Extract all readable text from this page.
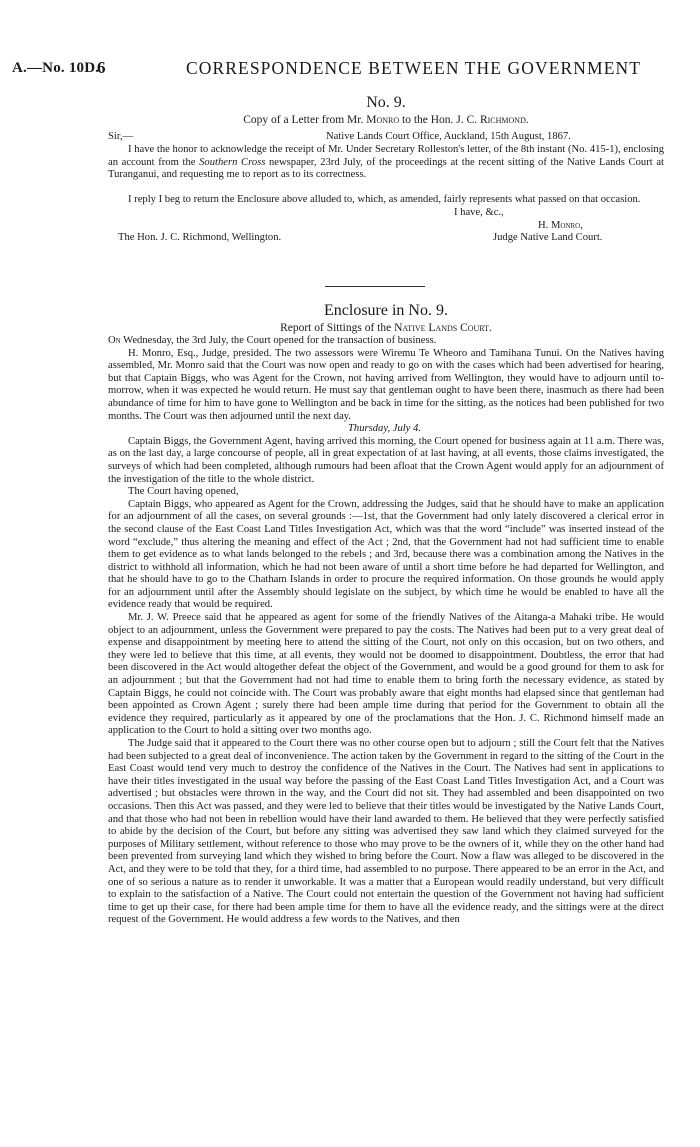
A.—No. 10D.
6	CORRESPONDENCE BETWEEN THE GOVERNMENT
No. 9.
Copy of a Letter from Mr. Monro to the Hon. J. C. Richmond.
Sir,—	Native Lands Court Office, Auckland, 15th August, 1867.
I have the honor to acknowledge the receipt of Mr. Under Secretary Rolleston's letter, of the 8th instant (No. 415-1), enclosing an account from the Southern Cross newspaper, 23rd July, of the proceedings at the recent sitting of the Native Lands Court at Turanganui, and requesting me to report as to its correctness.

I reply I beg to return the Enclosure above alluded to, which, as amended, fairly represents what passed on that occasion.

I have, &c.,
H. Monro,
The Hon. J. C. Richmond, Wellington.	Judge Native Land Court.
Enclosure in No. 9.
Report of Sittings of the Native Lands Court.

On Wednesday, the 3rd July, the Court opened for the transaction of business.

H. Monro, Esq., Judge, presided. The two assessors were Wiremu Te Wheoro and Tamihana Tunui. On the Natives having assembled, Mr. Monro said that the Court was now open and ready to go on with the cases which had been advertised for hearing, but that Captain Biggs, who was Agent for the Crown, not having arrived from Wellington, they would have to adjourn until to-morrow, when it was expected he would return. He must say that gentleman ought to have been there, inasmuch as there had been abundance of time for him to have gone to Wellington and be back in time for the sitting, as the notices had been published for two months. The Court was then adjourned until the next day.

Thursday, July 4.

Captain Biggs, the Government Agent, having arrived this morning, the Court opened for business again at 11 a.m. There was, as on the last day, a large concourse of people, all in great expectation of at last having, at all events, those claims investigated, the surveys of which had been completed, although rumours had been afloat that the Crown Agent would apply for an adjournment of the investigation of the title to the whole district.

The Court having opened,

Captain Biggs, who appeared as Agent for the Crown, addressing the Judges, said that he should have to make an application for an adjournment of all the cases, on several grounds :—1st, that the Government had only lately discovered a clerical error in the second clause of the East Coast Land Titles Investigation Act, which was that the word “include” was inserted instead of the word “exclude,” thus altering the meaning and effect of the Act ; 2nd, that the Government had not had sufficient time to enable them to get evidence as to what lands belonged to the rebels ; and 3rd, because there was a combination among the Natives in the district to withhold all information, which he had not been aware of until a short time before he had departed for Wellington, and that he should have to go to the Chatham Islands in order to procure the required information. On those grounds he would apply for an adjournment until after the Assembly should legislate on the subject, by which time he would be enabled to have all the evidence ready that would be required.

Mr. J. W. Preece said that he appeared as agent for some of the friendly Natives of the Aitanga-a Mahaki tribe. He would object to an adjournment, unless the Government were prepared to pay the costs. The Natives had been put to a very great deal of expense and disappointment by meeting here to attend the sitting of the Court, not only on this occasion, but on two others, and they were led to believe that this time, at all events, they would not be doomed to disappointment. Doubtless, the error that had been discovered in the Act would altogether defeat the object of the Government, and would be a good ground for them to ask for an adjournment ; but that the Government had not had time to enable them to bring forth the necessary evidence, as stated by Captain Biggs, he could not coincide with. The Court was probably aware that eight months had elapsed since that gentleman had been appointed as Crown Agent ; surely there had been ample time during that period for the Government to obtain all the evidence they required, particularly as it appeared by one of the proclamations that the Hon. J. C. Richmond himself made an application to the Court to hold a sitting over two months ago.

The Judge said that it appeared to the Court there was no other course open but to adjourn ; still the Court felt that the Natives had been subjected to a great deal of inconvenience. The action taken by the Government in regard to the sitting of the Court in the East Coast would tend very much to destroy the confidence of the Natives in the Court. The Natives had sent in applications to have their titles investigated in the usual way before the passing of the East Coast Land Titles Investigation Act, and a Court was advertised ; but obstacles were thrown in the way, and the Court did not sit. They had assembled and been disappointed on two occasions. Then this Act was passed, and they were led to believe that their titles would be investigated by the Native Lands Court, and that those who had not been in rebellion would have their land awarded to them. He believed that they were perfectly satisfied to abide by the decision of the Court, but before any sitting was advertised they saw land which they claimed surveyed for the purposes of Military settlement, without reference to those who may prove to be the owners of it, while they on the other hand had been prevented from surveying land which they wished to bring before the Court. Now a flaw was alleged to be discovered in the Act, and they were to be told that they, for a third time, had assembled to no purpose. There appeared to be an error in the Act, and one of so serious a nature as to render it unworkable. It was a matter that a European would readily understand, but very difficult to explain to the satisfaction of a Native. The Court could not entertain the question of the Government not having had sufficient time to get up their case, for there had been ample time for them to have all the evidence ready, and the sittings were at the direct request of the Government. He would address a few words to the Natives, and then
